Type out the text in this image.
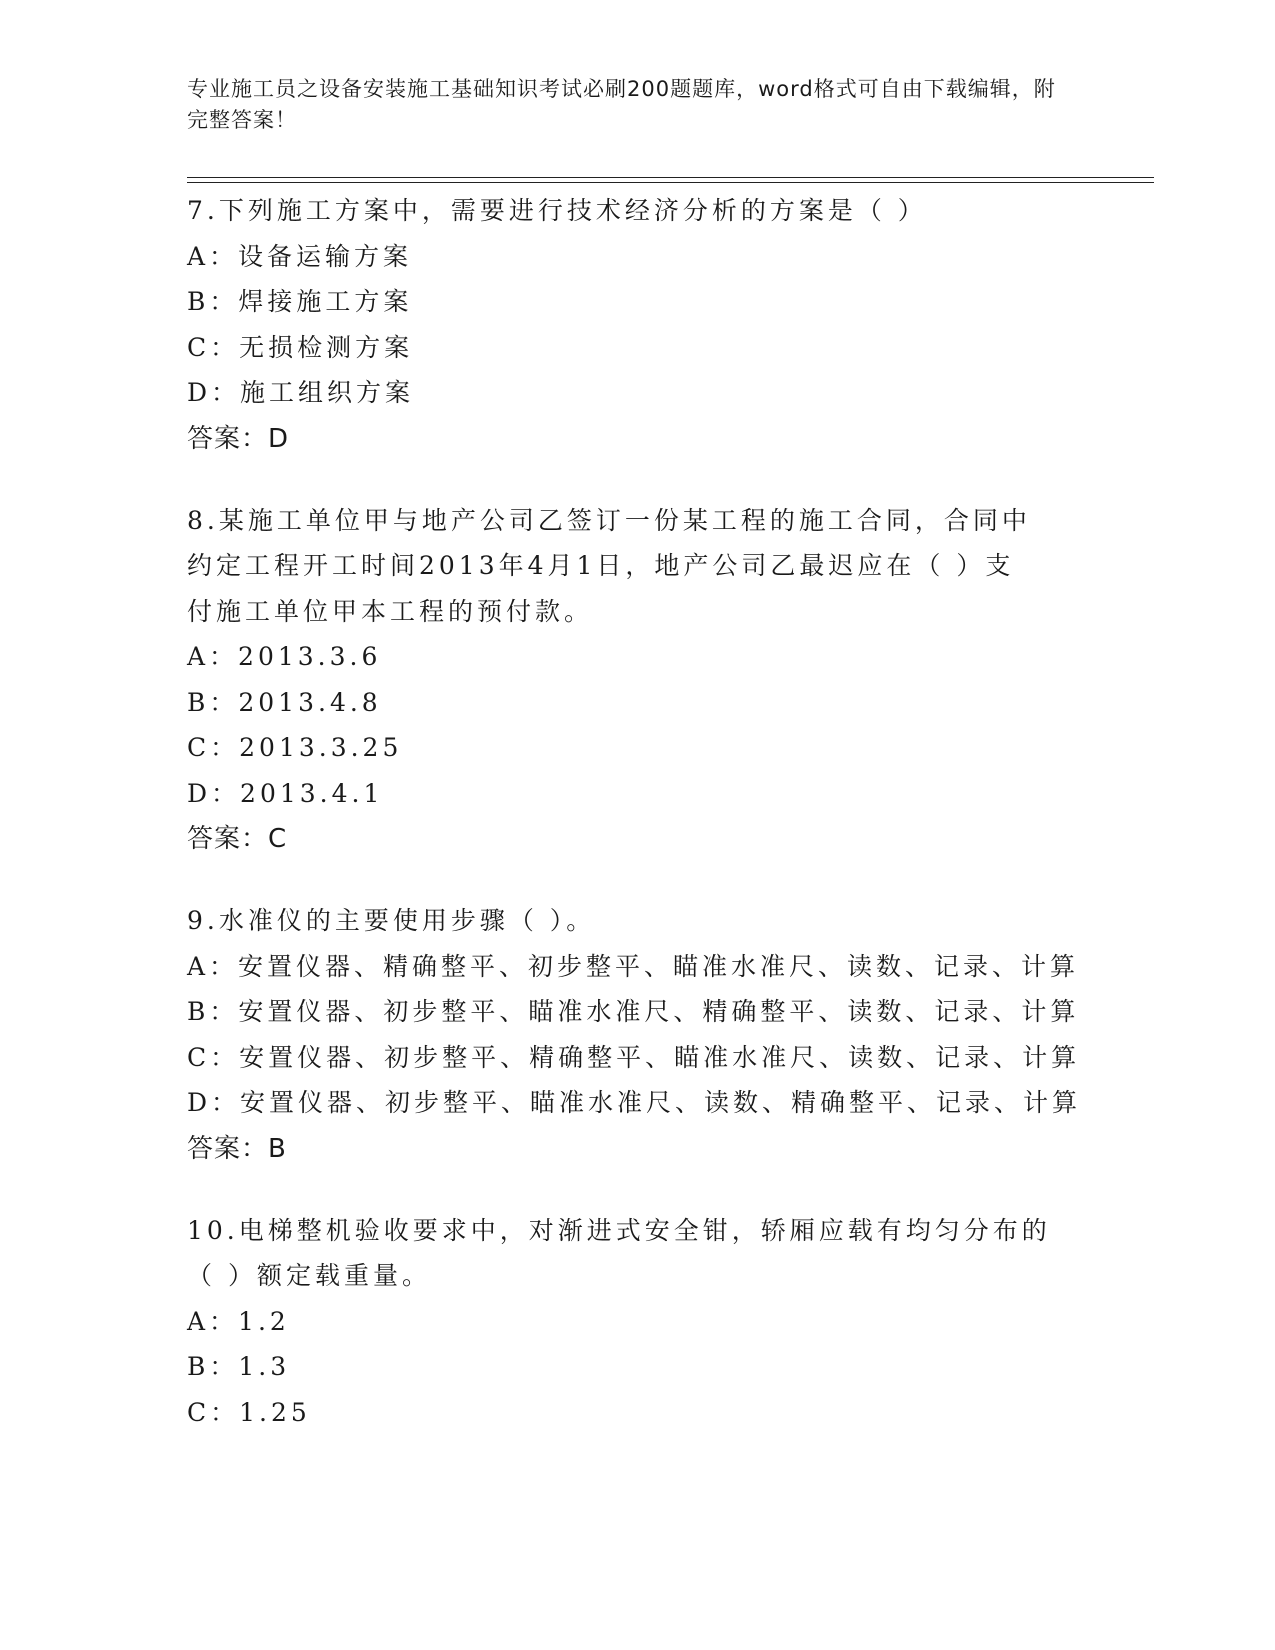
专业施工员之设备安装施工基础知识考试必刷200题题库，word格式可自由下载编辑，附完整答案！
7.下列施工方案中，需要进行技术经济分析的方案是（ ）
A：设备运输方案
B：焊接施工方案
C：无损检测方案
D：施工组织方案
答案：D
8.某施工单位甲与地产公司乙签订一份某工程的施工合同，合同中约定工程开工时间2013年4月1日，地产公司乙最迟应在（ ）支付施工单位甲本工程的预付款。
A：2013.3.6
B：2013.4.8
C：2013.3.25
D：2013.4.1
答案：C
9.水准仪的主要使用步骤（ ）。
A：安置仪器、精确整平、初步整平、瞄准水准尺、读数、记录、计算
B：安置仪器、初步整平、瞄准水准尺、精确整平、读数、记录、计算
C：安置仪器、初步整平、精确整平、瞄准水准尺、读数、记录、计算
D：安置仪器、初步整平、瞄准水准尺、读数、精确整平、记录、计算
答案：B
10.电梯整机验收要求中，对渐进式安全钳，轿厢应载有均匀分布的（ ）额定载重量。
A：1.2
B：1.3
C：1.25
